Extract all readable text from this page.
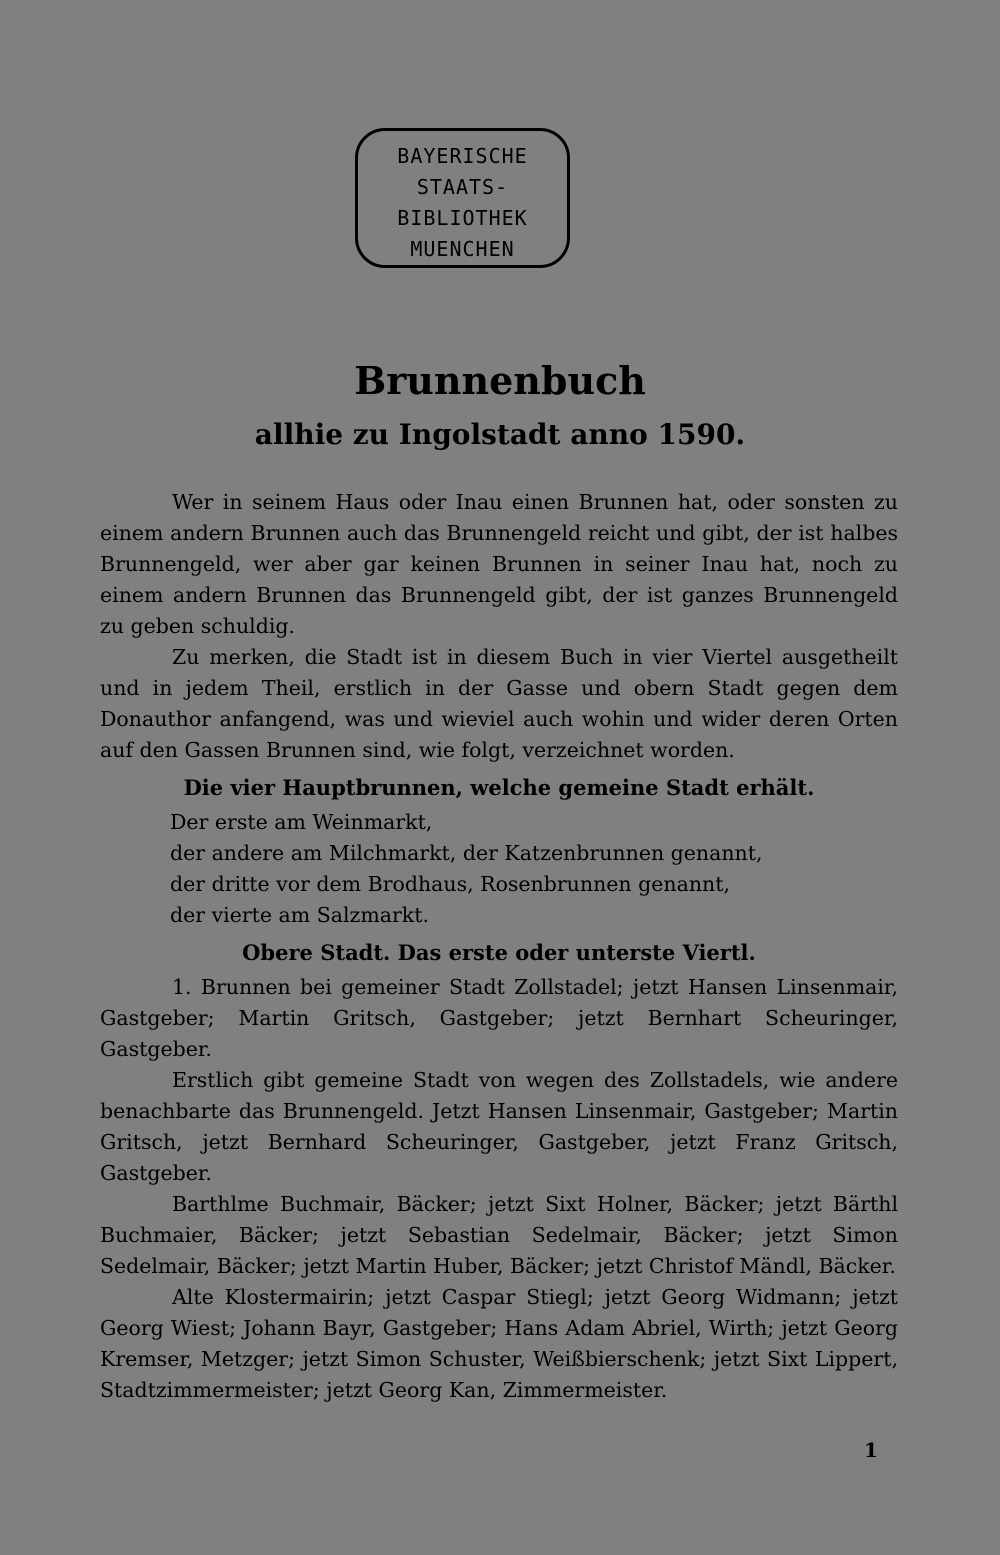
BAYERISCHE
STAATS-
BIBLIOTHEK
MUENCHEN
Brunnenbuch
allhie zu Ingolstadt anno 1590.

Wer in seinem Haus oder Inau einen Brunnen hat, oder sonsten zu einem andern Brunnen auch das Brunnengeld reicht und gibt, der ist halbes Brunnengeld, wer aber gar keinen Brunnen in seiner Inau hat, noch zu einem andern Brunnen das Brunnengeld gibt, der ist ganzes Brunnengeld zu geben schuldig.

Zu merken, die Stadt ist in diesem Buch in vier Viertel ausgetheilt und in jedem Theil, erstlich in der Gasse und obern Stadt gegen dem Donauthor anfangend, was und wieviel auch wohin und wider deren Orten auf den Gassen Brunnen sind, wie folgt, verzeichnet worden.

Die vier Hauptbrunnen, welche gemeine Stadt erhält.
Der erste am Weinmarkt,
der andere am Milchmarkt, der Katzenbrunnen genannt,
der dritte vor dem Brodhaus, Rosenbrunnen genannt,
der vierte am Salzmarkt.
Obere Stadt. Das erste oder unterste Viertl.

1. Brunnen bei gemeiner Stadt Zollstadel; jetzt Hansen Linsenmair, Gastgeber; Martin Gritsch, Gastgeber; jetzt Bernhart Scheuringer, Gastgeber.

Erstlich gibt gemeine Stadt von wegen des Zollstadels, wie andere benachbarte das Brunnengeld. Jetzt Hansen Linsenmair, Gastgeber; Martin Gritsch, jetzt Bernhard Scheuringer, Gastgeber, jetzt Franz Gritsch, Gastgeber.

Barthlme Buchmair, Bäcker; jetzt Sixt Holner, Bäcker; jetzt Bärthl Buchmaier, Bäcker; jetzt Sebastian Sedelmair, Bäcker; jetzt Simon Sedelmair, Bäcker; jetzt Martin Huber, Bäcker; jetzt Christof Mändl, Bäcker.

Alte Klostermairin; jetzt Caspar Stiegl; jetzt Georg Widmann; jetzt Georg Wiest; Johann Bayr, Gastgeber; Hans Adam Abriel, Wirth; jetzt Georg Kremser, Metzger; jetzt Simon Schuster, Weißbierschenk; jetzt Sixt Lippert, Stadtzimmermeister; jetzt Georg Kan, Zimmermeister.

1
